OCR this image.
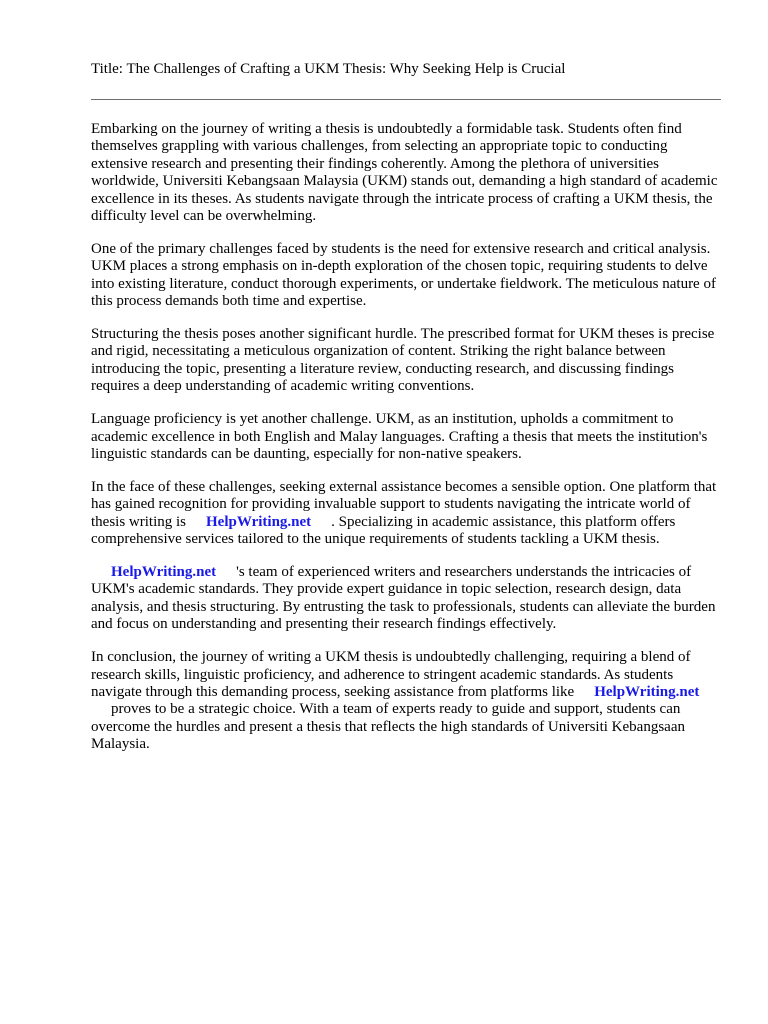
Title: The Challenges of Crafting a UKM Thesis: Why Seeking Help is Crucial

Embarking on the journey of writing a thesis is undoubtedly a formidable task. Students often find themselves grappling with various challenges, from selecting an appropriate topic to conducting extensive research and presenting their findings coherently. Among the plethora of universities worldwide, Universiti Kebangsaan Malaysia (UKM) stands out, demanding a high standard of academic excellence in its theses. As students navigate through the intricate process of crafting a UKM thesis, the difficulty level can be overwhelming.

One of the primary challenges faced by students is the need for extensive research and critical analysis. UKM places a strong emphasis on in-depth exploration of the chosen topic, requiring students to delve into existing literature, conduct thorough experiments, or undertake fieldwork. The meticulous nature of this process demands both time and expertise.

Structuring the thesis poses another significant hurdle. The prescribed format for UKM theses is precise and rigid, necessitating a meticulous organization of content. Striking the right balance between introducing the topic, presenting a literature review, conducting research, and discussing findings requires a deep understanding of academic writing conventions.

Language proficiency is yet another challenge. UKM, as an institution, upholds a commitment to academic excellence in both English and Malay languages. Crafting a thesis that meets the institution's linguistic standards can be daunting, especially for non-native speakers.

In the face of these challenges, seeking external assistance becomes a sensible option. One platform that has gained recognition for providing invaluable support to students navigating the intricate world of thesis writing is HelpWriting.net . Specializing in academic assistance, this platform offers comprehensive services tailored to the unique requirements of students tackling a UKM thesis.

HelpWriting.net 's team of experienced writers and researchers understands the intricacies of UKM's academic standards. They provide expert guidance in topic selection, research design, data analysis, and thesis structuring. By entrusting the task to professionals, students can alleviate the burden and focus on understanding and presenting their research findings effectively.

In conclusion, the journey of writing a UKM thesis is undoubtedly challenging, requiring a blend of research skills, linguistic proficiency, and adherence to stringent academic standards. As students navigate through this demanding process, seeking assistance from platforms like HelpWriting.net
proves to be a strategic choice. With a team of experts ready to guide and support, students can overcome the hurdles and present a thesis that reflects the high standards of Universiti Kebangsaan Malaysia.
